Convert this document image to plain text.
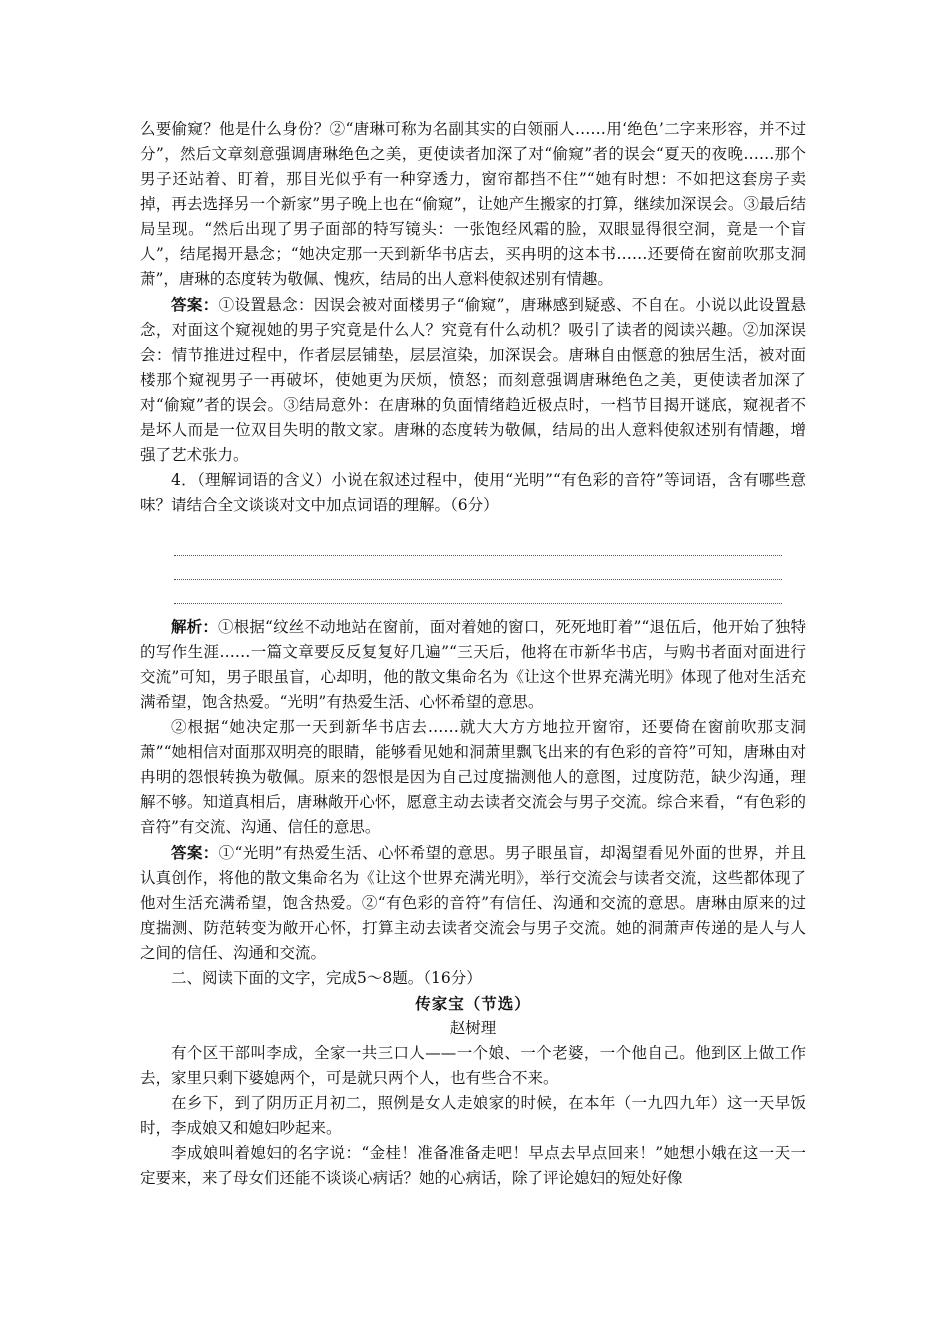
么要偷窥？他是什么身份？②“唐琳可称为名副其实的白领丽人……用‘绝色’二字来形容，并不过分”，然后文章刻意强调唐琳绝色之美，更使读者加深了对“偷窥”者的误会“夏天的夜晚……那个男子还站着、盯着，那目光似乎有一种穿透力，窗帘都挡不住”“她有时想：不如把这套房子卖掉，再去选择另一个新家”男子晚上也在“偷窥”，让她产生搬家的打算，继续加深误会。③最后结局呈现。“然后出现了男子面部的特写镜头：一张饱经风霜的脸，双眼显得很空洞，竟是一个盲人”，结尾揭开悬念；“她决定那一天到新华书店去，买冉明的这本书……还要倚在窗前吹那支洞萧”，唐琳的态度转为敬佩、愧疚，结局的出人意料使叙述别有情趣。

答案：①设置悬念：因误会被对面楼男子“偷窥”，唐琳感到疑惑、不自在。小说以此设置悬念，对面这个窥视她的男子究竟是什么人？究竟有什么动机？吸引了读者的阅读兴趣。②加深误会：情节推进过程中，作者层层铺垫，层层渲染，加深误会。唐琳自由惬意的独居生活，被对面楼那个窥视男子一再破坏，使她更为厌烦，愤怒；而刻意强调唐琳绝色之美，更使读者加深了对“偷窥”者的误会。③结局意外：在唐琳的负面情绪趋近极点时，一档节目揭开谜底，窥视者不是坏人而是一位双目失明的散文家。唐琳的态度转为敬佩，结局的出人意料使叙述别有情趣，增强了艺术张力。

4．（理解词语的含义）小说在叙述过程中，使用“光明”“有色彩的音符”等词语，含有哪些意味？请结合全文谈谈对文中加点词语的理解。（6分）

解析：①根据“纹丝不动地站在窗前，面对着她的窗口，死死地盯着”“退伍后，他开始了独特的写作生涯……一篇文章要反反复复好几遍”“三天后，他将在市新华书店，与购书者面对面进行交流”可知，男子眼虽盲，心却明，他的散文集命名为《让这个世界充满光明》体现了他对生活充满希望，饱含热爱。“光明”有热爱生活、心怀希望的意思。

②根据“她决定那一天到新华书店去……就大大方方地拉开窗帘，还要倚在窗前吹那支洞萧”“她相信对面那双明亮的眼睛，能够看见她和洞萧里飘飞出来的有色彩的音符”可知，唐琳由对冉明的怨恨转换为敬佩。原来的怨恨是因为自己过度揣测他人的意图，过度防范，缺少沟通，理解不够。知道真相后，唐琳敞开心怀，愿意主动去读者交流会与男子交流。综合来看，“有色彩的音符”有交流、沟通、信任的意思。

答案：①“光明”有热爱生活、心怀希望的意思。男子眼虽盲，却渴望看见外面的世界，并且认真创作，将他的散文集命名为《让这个世界充满光明》，举行交流会与读者交流，这些都体现了他对生活充满希望，饱含热爱。②“有色彩的音符”有信任、沟通和交流的意思。唐琳由原来的过度揣测、防范转变为敞开心怀，打算主动去读者交流会与男子交流。她的洞萧声传递的是人与人之间的信任、沟通和交流。

二、阅读下面的文字，完成5～8题。（16分）

传家宝（节选）

赵树理

有个区干部叫李成，全家一共三口人——一个娘、一个老婆，一个他自己。他到区上做工作去，家里只剩下婆媳两个，可是就只两个人，也有些合不来。

在乡下，到了阴历正月初二，照例是女人走娘家的时候，在本年（一九四九年）这一天早饭时，李成娘又和媳妇吵起来。

李成娘叫着媳妇的名字说：“金桂！准备准备走吧！早点去早点回来！”她想小娥在这一天一定要来，来了母女们还能不谈谈心病话？她的心病话，除了评论媳妇的短处好像
